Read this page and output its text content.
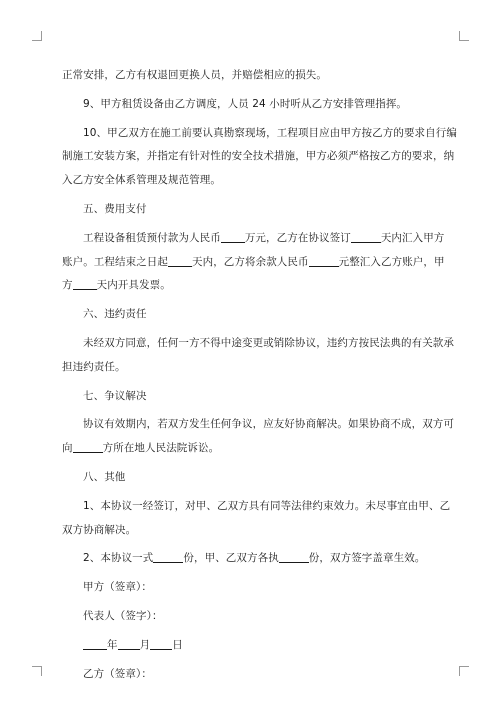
正常安排，乙方有权退回更换人员，并赔偿相应的损失。
9、甲方租赁设备由乙方调度，人员 24 小时听从乙方安排管理指挥。
10、甲乙双方在施工前要认真勘察现场，工程项目应由甲方按乙方的要求自行编
制施工安装方案，并指定有针对性的安全技术措施，甲方必须严格按乙方的要求，纳
入乙方安全体系管理及规范管理。
五、费用支付
工程设备租赁预付款为人民币 万元，乙方在协议签订	天内汇入甲方
账户。工程结束之日起 天内，乙方将余款人民币	元整汇入乙方账户，甲
方 天内开具发票。
六、违约责任
未经双方同意，任何一方不得中途变更或销除协议，违约方按民法典的有关款承
担违约责任。
七、争议解决
协议有效期内，若双方发生任何争议，应友好协商解决。如果协商不成，双方可
向	方所在地人民法院诉讼。
八、其他
1、本协议一经签订，对甲、乙双方具有同等法律约束效力。未尽事宜由甲、乙
双方协商解决。
2、本协议一式	份，甲、乙双方各执	份，双方签字盖章生效。
甲方（签章）：
代表人（签字）：
年 月 日
乙方（签章）：
